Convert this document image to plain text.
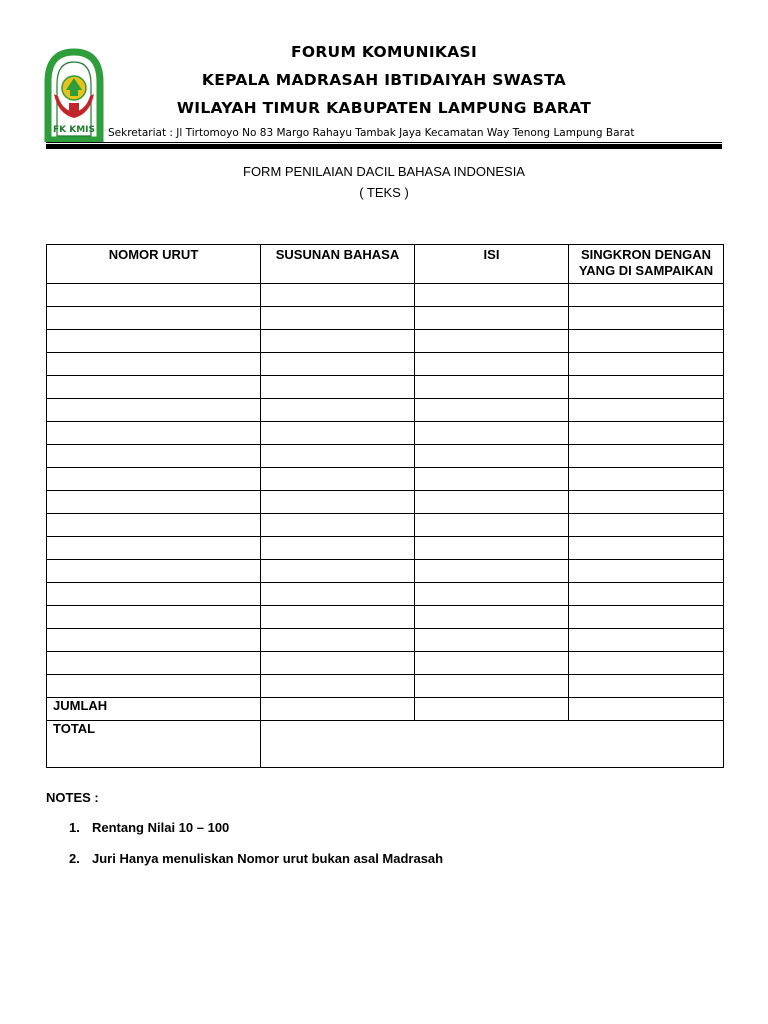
FK KMIS
FORUM KOMUNIKASI
KEPALA MADRASAH IBTIDAIYAH SWASTA
WILAYAH TIMUR KABUPATEN LAMPUNG BARAT
Sekretariat : Jl Tirtomoyo No 83 Margo Rahayu Tambak Jaya Kecamatan Way Tenong Lampung Barat
FORM PENILAIAN DACIL BAHASA INDONESIA
( TEKS )
NOMOR URUT	SUSUNAN BAHASA	ISI	SINGKRON DENGAN YANG DI SAMPAIKAN

JUMLAH			
TOTAL			
NOTES :
1. Rentang Nilai 10 – 100
2. Juri Hanya menuliskan Nomor urut bukan asal Madrasah
